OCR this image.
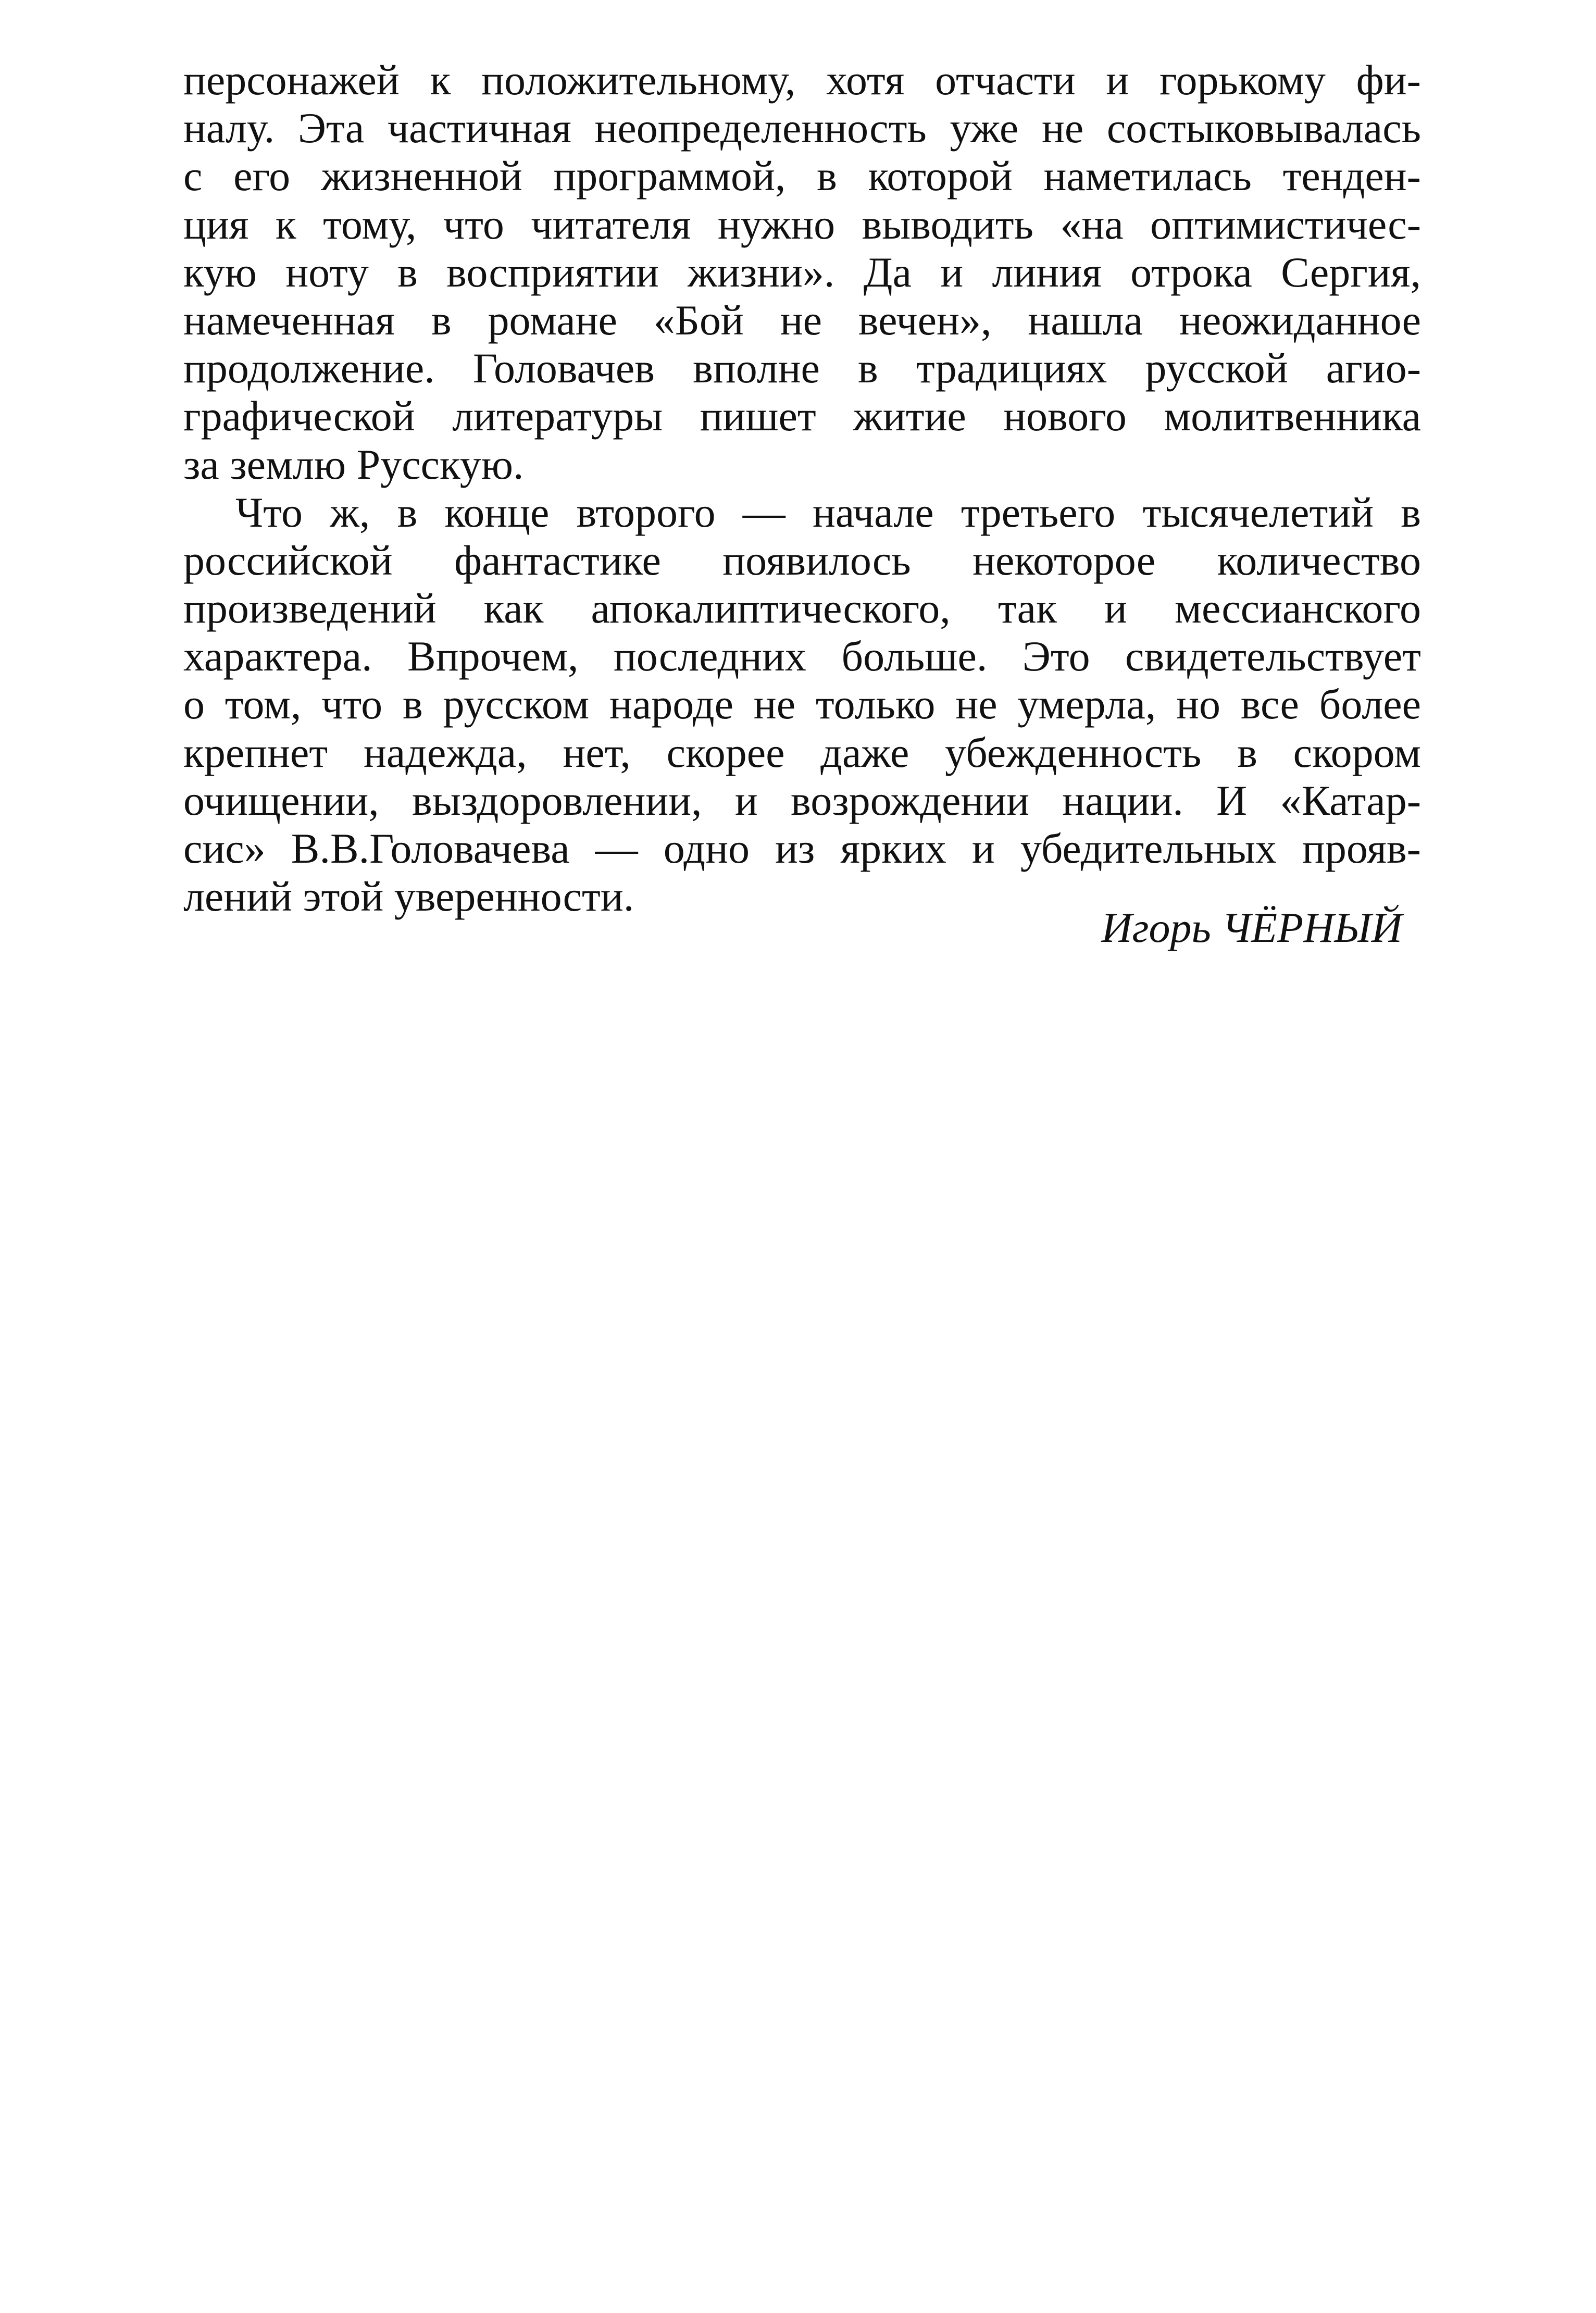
персонажей к положительному, хотя отчасти и горькому фи-
налу. Эта частичная неопределенность уже не состыковывалась
с его жизненной программой, в которой наметилась тенден-
ция к тому, что читателя нужно выводить «на оптимистичес-
кую ноту в восприятии жизни». Да и линия отрока Сергия,
намеченная в романе «Бой не вечен», нашла неожиданное
продолжение. Головачев вполне в традициях русской агио-
графической литературы пишет житие нового молитвенника
за землю Русскую.
Что ж, в конце второго — начале третьего тысячелетий в
российской фантастике появилось некоторое количество
произведений как апокалиптического, так и мессианского
характера. Впрочем, последних больше. Это свидетельствует
о том, что в русском народе не только не умерла, но все более
крепнет надежда, нет, скорее даже убежденность в скором
очищении, выздоровлении, и возрождении нации. И «Катар-
сис» В.В.Головачева — одно из ярких и убедительных прояв-
лений этой уверенности.
Игорь ЧЁРНЫЙ
